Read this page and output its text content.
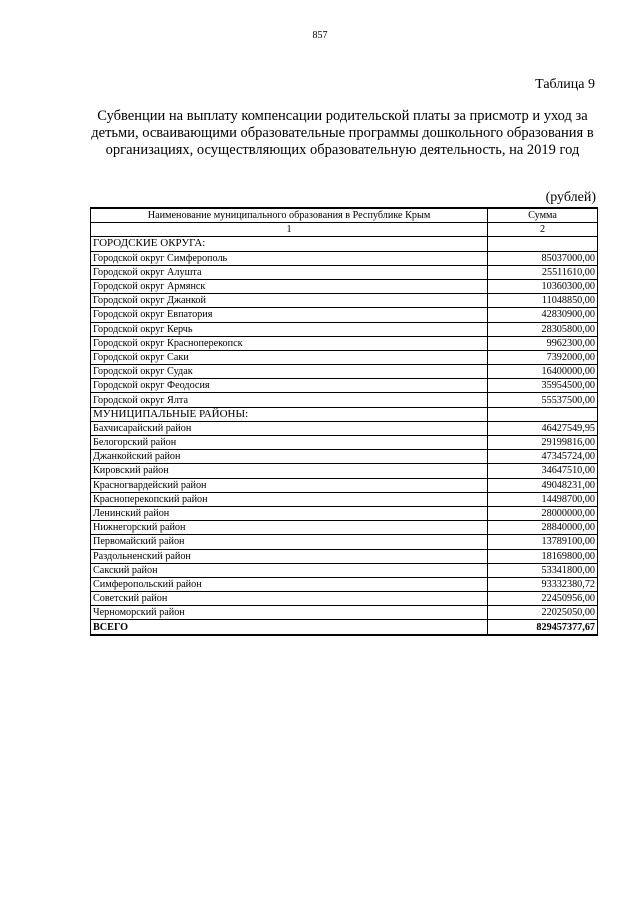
857
Таблица 9
Субвенции на выплату компенсации родительской платы за присмотр и уход за детьми, осваивающими образовательные программы дошкольного образования в организациях, осуществляющих образовательную деятельность, на 2019 год
(рублей)
Наименование муниципального образования в Республике Крым	Сумма
1	2
ГОРОДСКИЕ ОКРУГА:	
Городской округ Симферополь	85037000,00
Городской округ Алушта	25511610,00
Городской округ Армянск	10360300,00
Городской округ Джанкой	11048850,00
Городской округ Евпатория	42830900,00
Городской округ Керчь	28305800,00
Городской округ Красноперекопск	9962300,00
Городской округ Саки	7392000,00
Городской округ Судак	16400000,00
Городской округ Феодосия	35954500,00
Городской округ Ялта	55537500,00
МУНИЦИПАЛЬНЫЕ РАЙОНЫ:	
Бахчисарайский район	46427549,95
Белогорский район	29199816,00
Джанкойский район	47345724,00
Кировский район	34647510,00
Красногвардейский район	49048231,00
Красноперекопский район	14498700,00
Ленинский район	28000000,00
Нижнегорский район	28840000,00
Первомайский район	13789100,00
Раздольненский район	18169800,00
Сакский район	53341800,00
Симферопольский район	93332380,72
Советский район	22450956,00
Черноморский район	22025050,00
ВСЕГО	829457377,67
